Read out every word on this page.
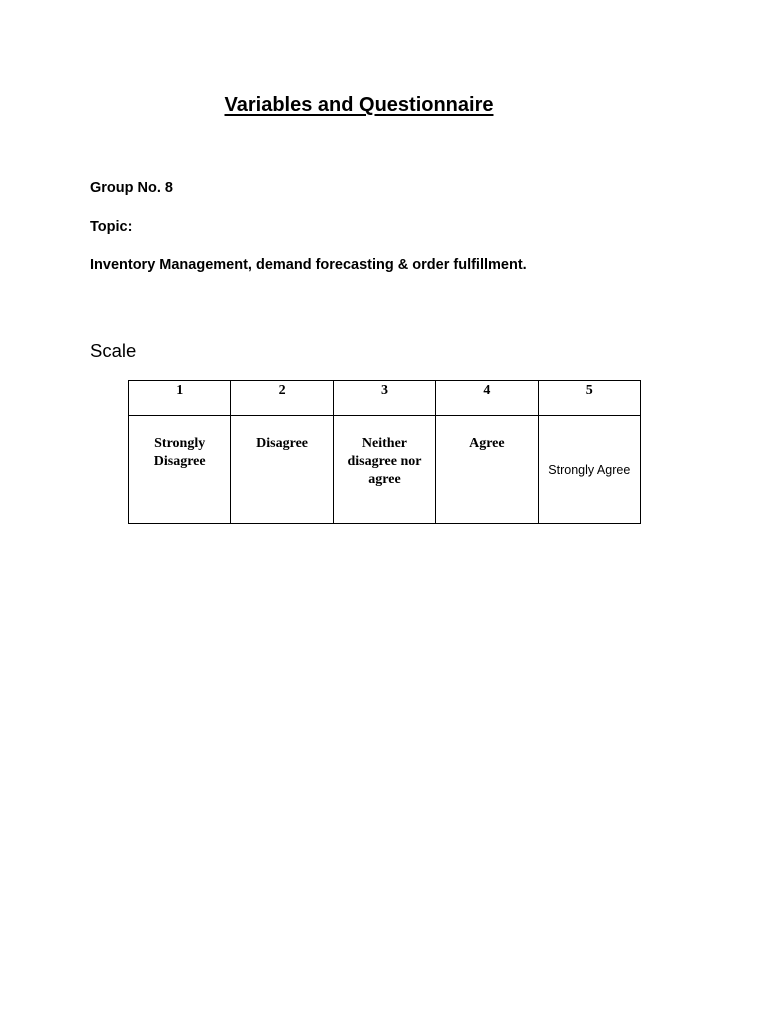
Variables and Questionnaire

Group No. 8

Topic:

Inventory Management, demand forecasting & order fulfillment.

Scale
1	2	3	4	5
Strongly Disagree	Disagree	Neither disagree nor agree	Agree	Strongly Agree
